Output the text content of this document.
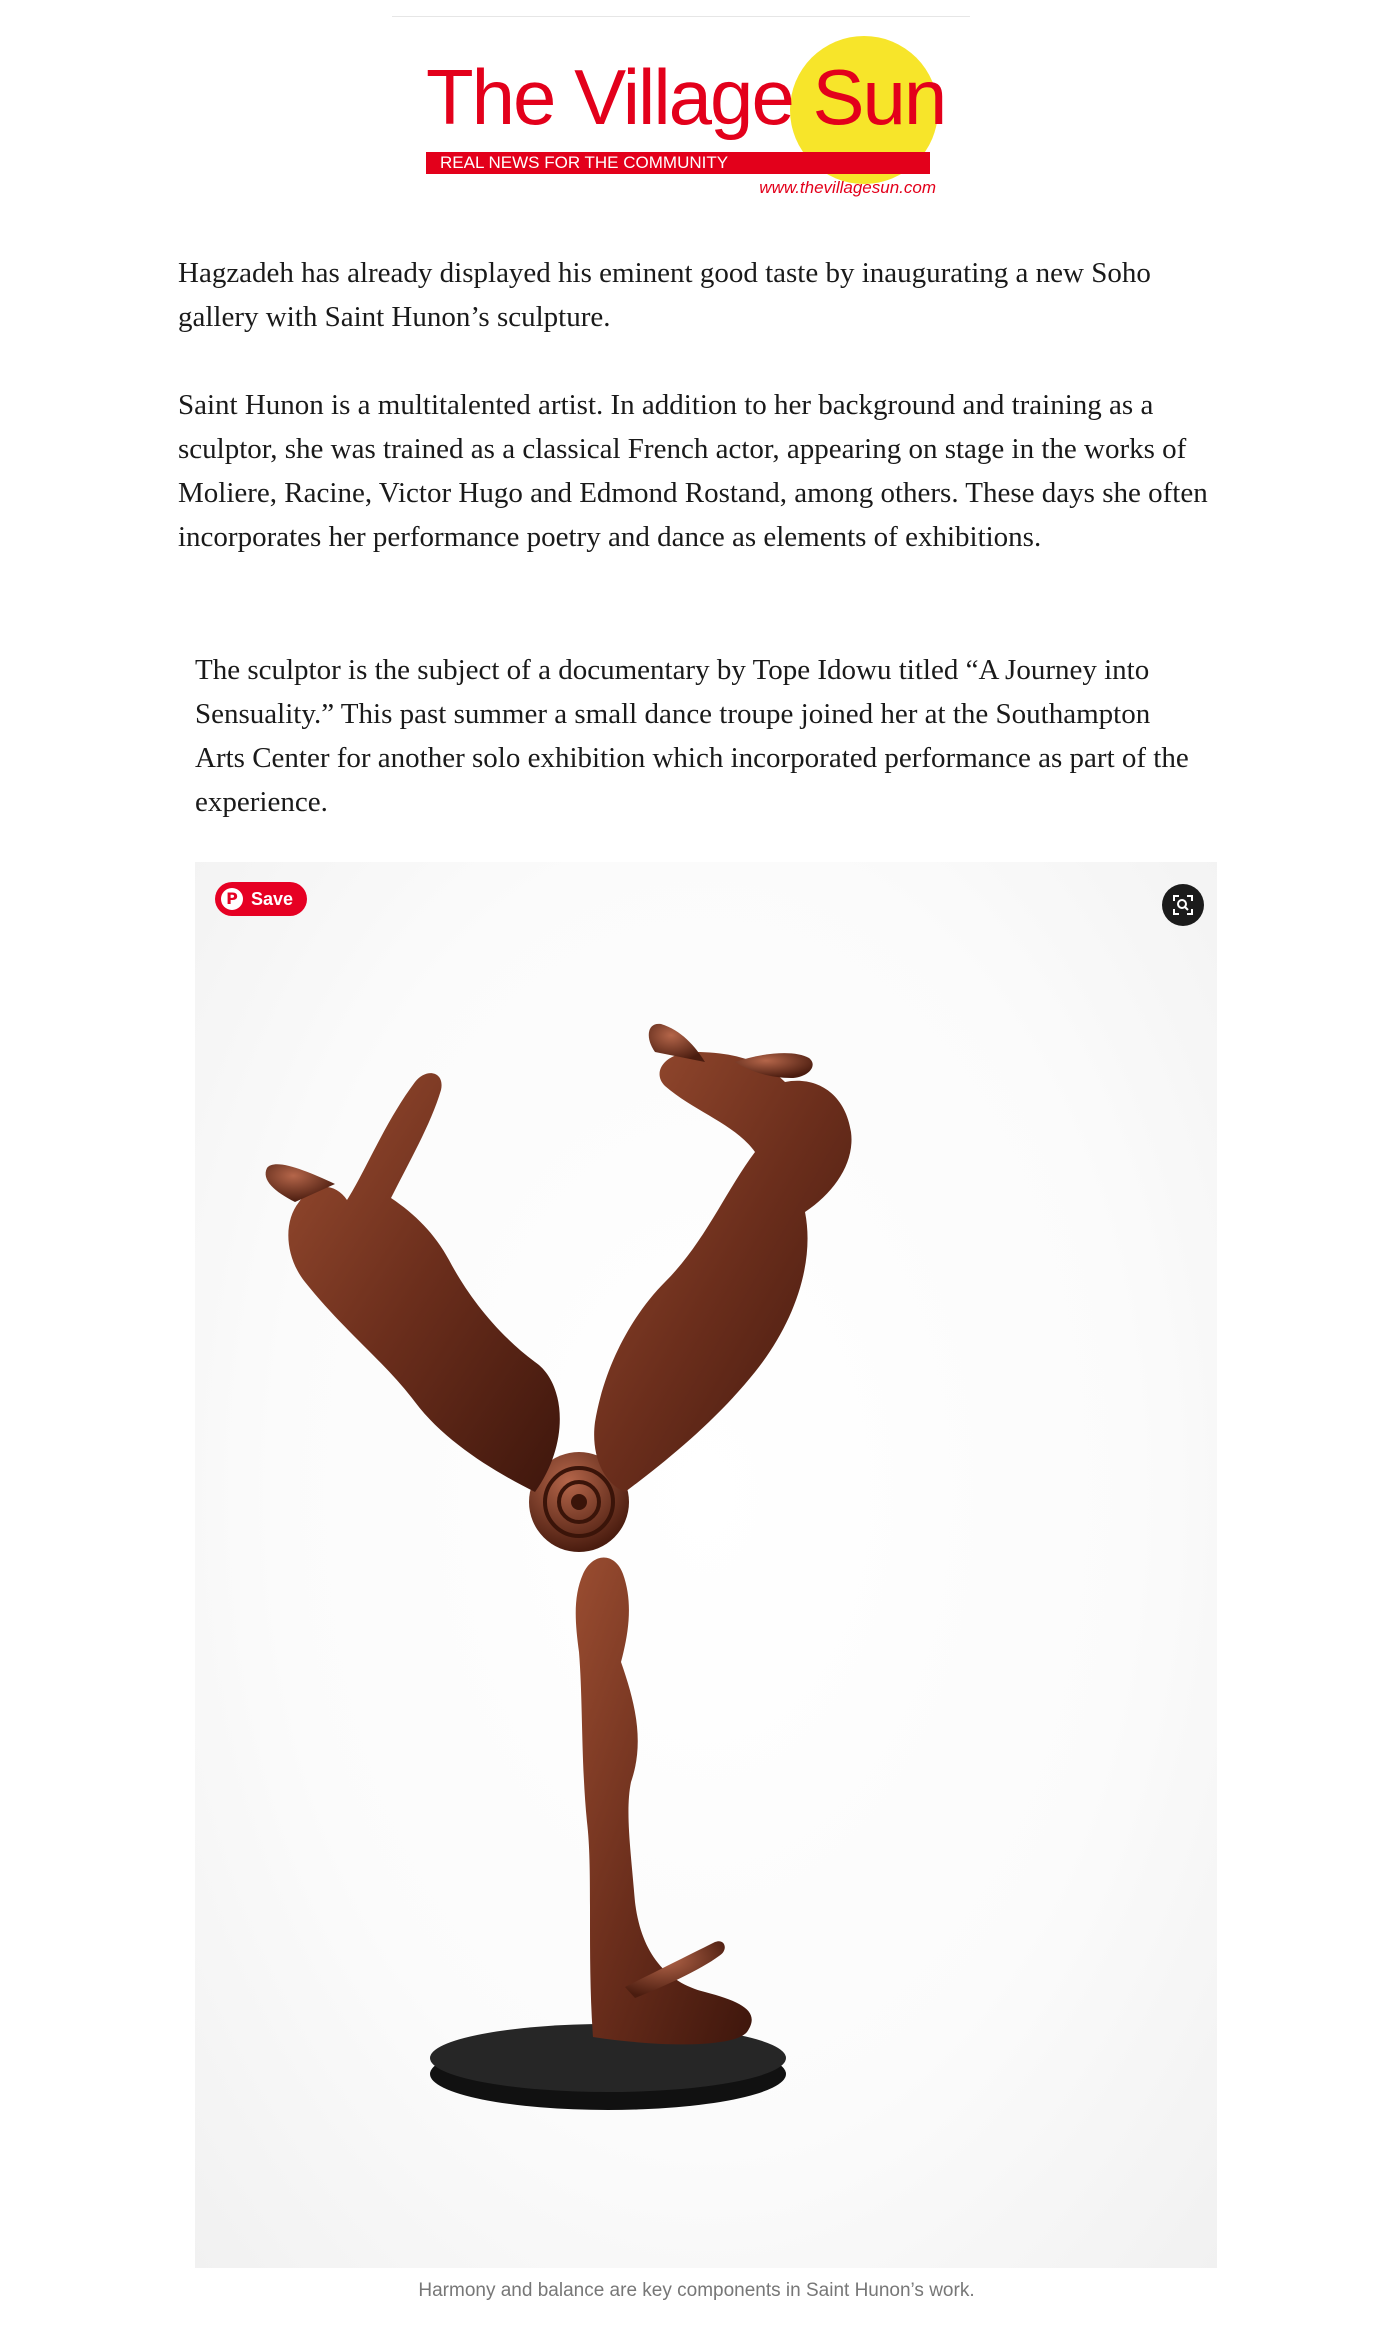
The Village Sun
REAL NEWS FOR THE COMMUNITY
www.thevillagesun.com

Hagzadeh has already displayed his eminent good taste by inaugurating a new Soho gallery with Saint Hunon’s sculpture.

Saint Hunon is a multitalented artist. In addition to her background and training as a sculptor, she was trained as a classical French actor, appearing on stage in the works of Moliere, Racine, Victor Hugo and Edmond Rostand, among others. These days she often incorporates her performance poetry and dance as elements of exhibitions.

The sculptor is the subject of a documentary by Tope Idowu titled “A Journey into Sensuality.” This past summer a small dance troupe joined her at the Southampton Arts Center for another solo exhibition which incorporated performance as part of the experience.

P Save

Harmony and balance are key components in Saint Hunon’s work.
